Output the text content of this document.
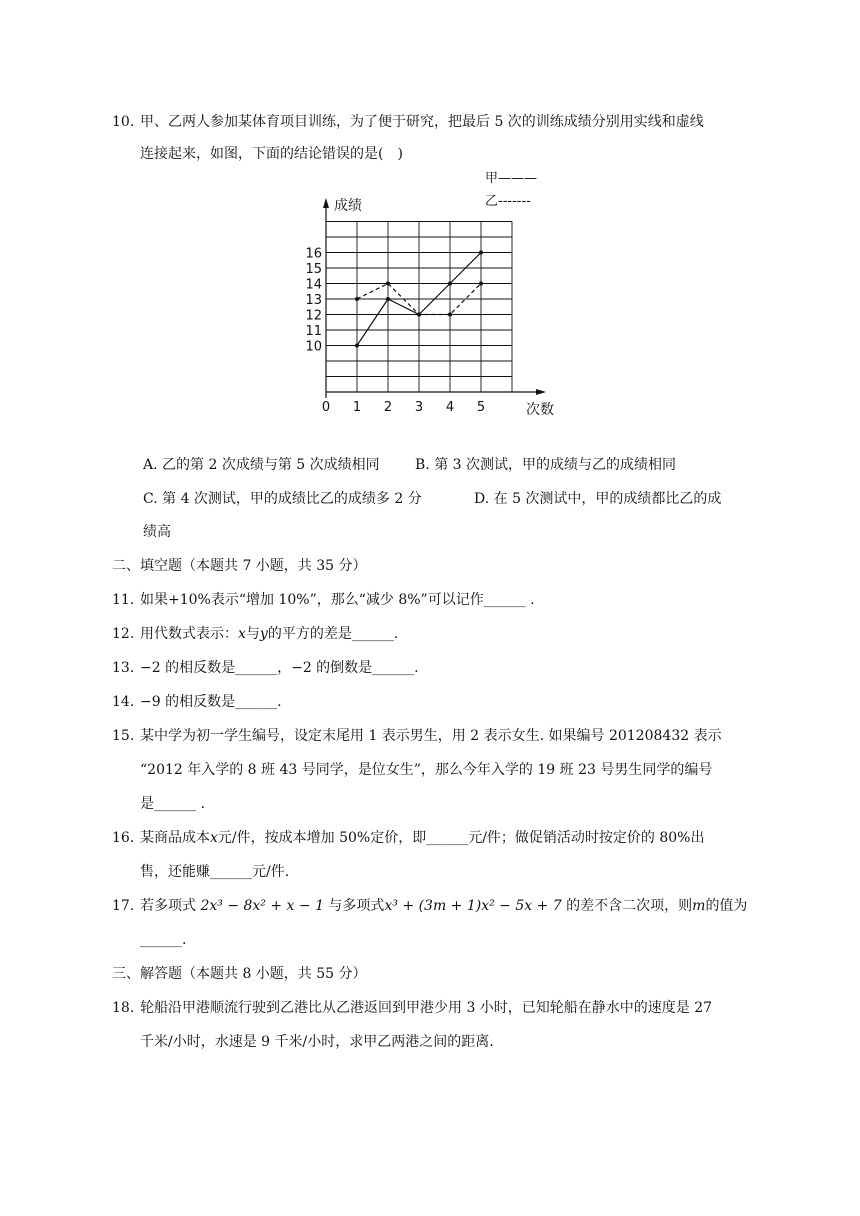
10. 甲、乙两人参加某体育项目训练，为了便于研究，把最后 5 次的训练成绩分别用实线和虚线
连接起来，如图，下面的结论错误的是(　)
成绩
次数
甲———
乙-------
10
11
12
13
14
15
16
0 1 2 3 4 5
A. 乙的第 2 次成绩与第 5 次成绩相同	B. 第 3 次测试，甲的成绩与乙的成绩相同
C. 第 4 次测试，甲的成绩比乙的成绩多 2 分	D. 在 5 次测试中，甲的成绩都比乙的成
绩高
二、填空题（本题共 7 小题，共 35 分）
11. 如果+10%表示“增加 10%”，那么“减少 8%”可以记作______ .
12. 用代数式表示：x与y的平方的差是______.
13. −2 的相反数是______，−2 的倒数是______.
14. −9 的相反数是______.
15. 某中学为初一学生编号，设定末尾用 1 表示男生，用 2 表示女生. 如果编号 201208432 表示
“2012 年入学的 8 班 43 号同学，是位女生”，那么今年入学的 19 班 23 号男生同学的编号
是______ .
16. 某商品成本x元/件，按成本增加 50%定价，即______元/件；做促销活动时按定价的 80%出
售，还能赚______元/件.
17. 若多项式 2x³ − 8x² + x − 1 与多项式x³ + (3m + 1)x² − 5x + 7 的差不含二次项，则m的值为
______.
三、解答题（本题共 8 小题，共 55 分）
18. 轮船沿甲港顺流行驶到乙港比从乙港返回到甲港少用 3 小时，已知轮船在静水中的速度是 27
千米/小时，水速是 9 千米/小时，求甲乙两港之间的距离.
